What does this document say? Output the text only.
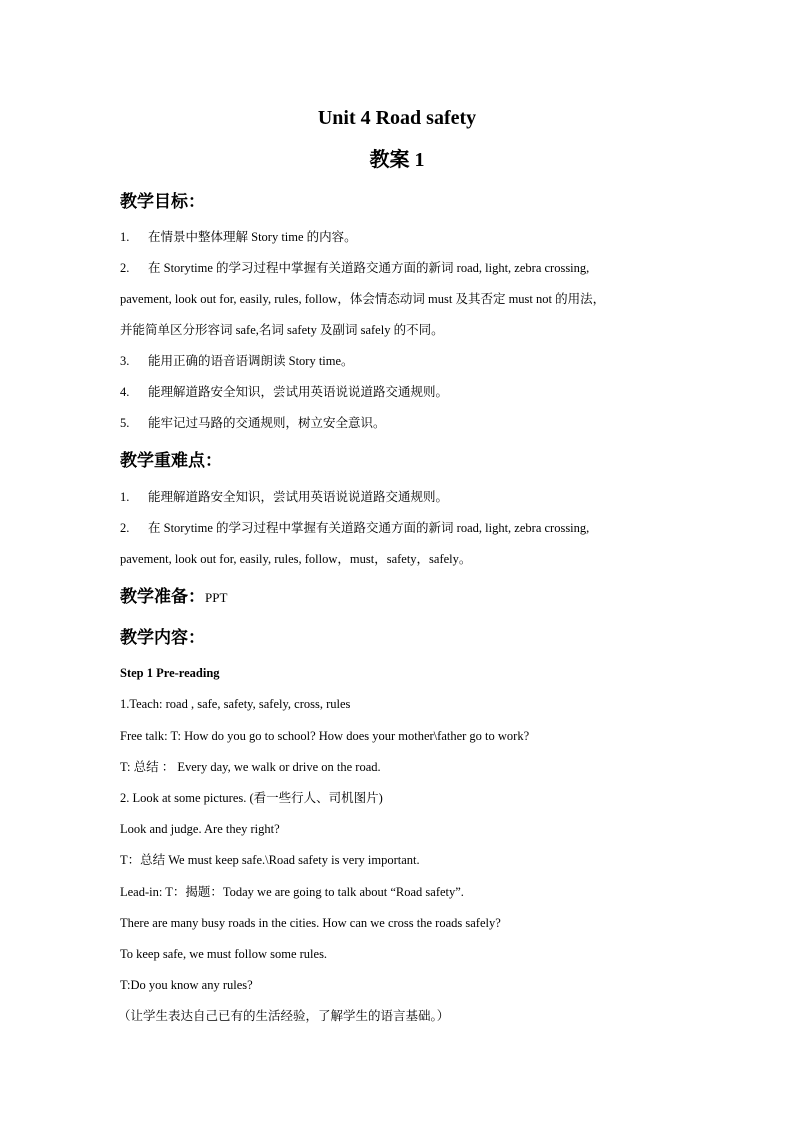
Unit 4 Road safety
教案 1
教学目标：
1. 在情景中整体理解 Story time 的内容。
2. 在 Storytime 的学习过程中掌握有关道路交通方面的新词 road, light, zebra crossing,
pavement, look out for, easily, rules, follow，体会情态动词 must 及其否定 must not 的用法，
并能简单区分形容词 safe,名词 safety 及副词 safely 的不同。
3. 能用正确的语音语调朗读 Story time。
4. 能理解道路安全知识，尝试用英语说说道路交通规则。
5. 能牢记过马路的交通规则，树立安全意识。
教学重难点：
1. 能理解道路安全知识，尝试用英语说说道路交通规则。
2. 在 Storytime 的学习过程中掌握有关道路交通方面的新词 road, light, zebra crossing,
pavement, look out for, easily, rules, follow，must，safety，safely。
教学准备：PPT
教学内容：
Step 1 Pre-reading
1.Teach: road , safe, safety, safely, cross, rules
Free talk: T: How do you go to school? How does your mother\father go to work?
T: 总结 ： Every day, we walk or drive on the road.
2. Look at some pictures. (看一些行人、司机图片)
Look and judge. Are they right?
T：总结 We must keep safe.\Road safety is very important.
Lead-in: T：揭题：Today we are going to talk about “Road safety”.
There are many busy roads in the cities. How can we cross the roads safely?
To keep safe, we must follow some rules.
T:Do you know any rules?
（让学生表达自己已有的生活经验，了解学生的语言基础。）
